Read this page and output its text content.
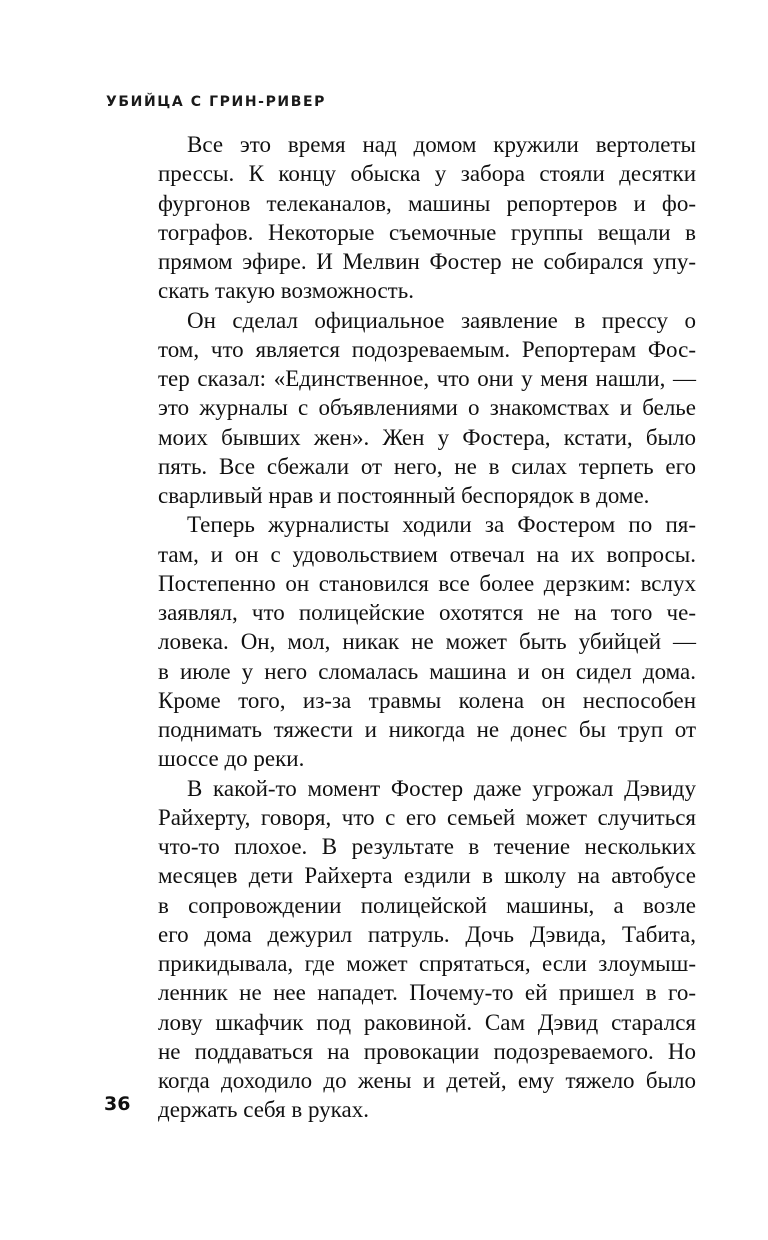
УБИЙЦА С ГРИН-РИВЕР
Все это время над домом кружили вертолеты
прессы. К концу обыска у забора стояли десятки
фургонов телеканалов, машины репортеров и фо-
тографов. Некоторые съемочные группы вещали в
прямом эфире. И Мелвин Фостер не собирался упу-
скать такую возможность.
Он сделал официальное заявление в прессу о
том, что является подозреваемым. Репортерам Фос-
тер сказал: «Единственное, что они у меня нашли, —
это журналы с объявлениями о знакомствах и белье
моих бывших жен». Жен у Фостера, кстати, было
пять. Все сбежали от него, не в силах терпеть его
сварливый нрав и постоянный беспорядок в доме.
Теперь журналисты ходили за Фостером по пя-
там, и он с удовольствием отвечал на их вопросы.
Постепенно он становился все более дерзким: вслух
заявлял, что полицейские охотятся не на того че-
ловека. Он, мол, никак не может быть убийцей —
в июле у него сломалась машина и он сидел дома.
Кроме того, из-за травмы колена он неспособен
поднимать тяжести и никогда не донес бы труп от
шоссе до реки.
В какой-то момент Фостер даже угрожал Дэвиду
Райхерту, говоря, что с его семьей может случиться
что-то плохое. В результате в течение нескольких
месяцев дети Райхерта ездили в школу на автобусе
в сопровождении полицейской машины, а возле
его дома дежурил патруль. Дочь Дэвида, Табита,
прикидывала, где может спрятаться, если злоумыш-
ленник не нее нападет. Почему-то ей пришел в го-
лову шкафчик под раковиной. Сам Дэвид старался
не поддаваться на провокации подозреваемого. Но
когда доходило до жены и детей, ему тяжело было
держать себя в руках.
36
